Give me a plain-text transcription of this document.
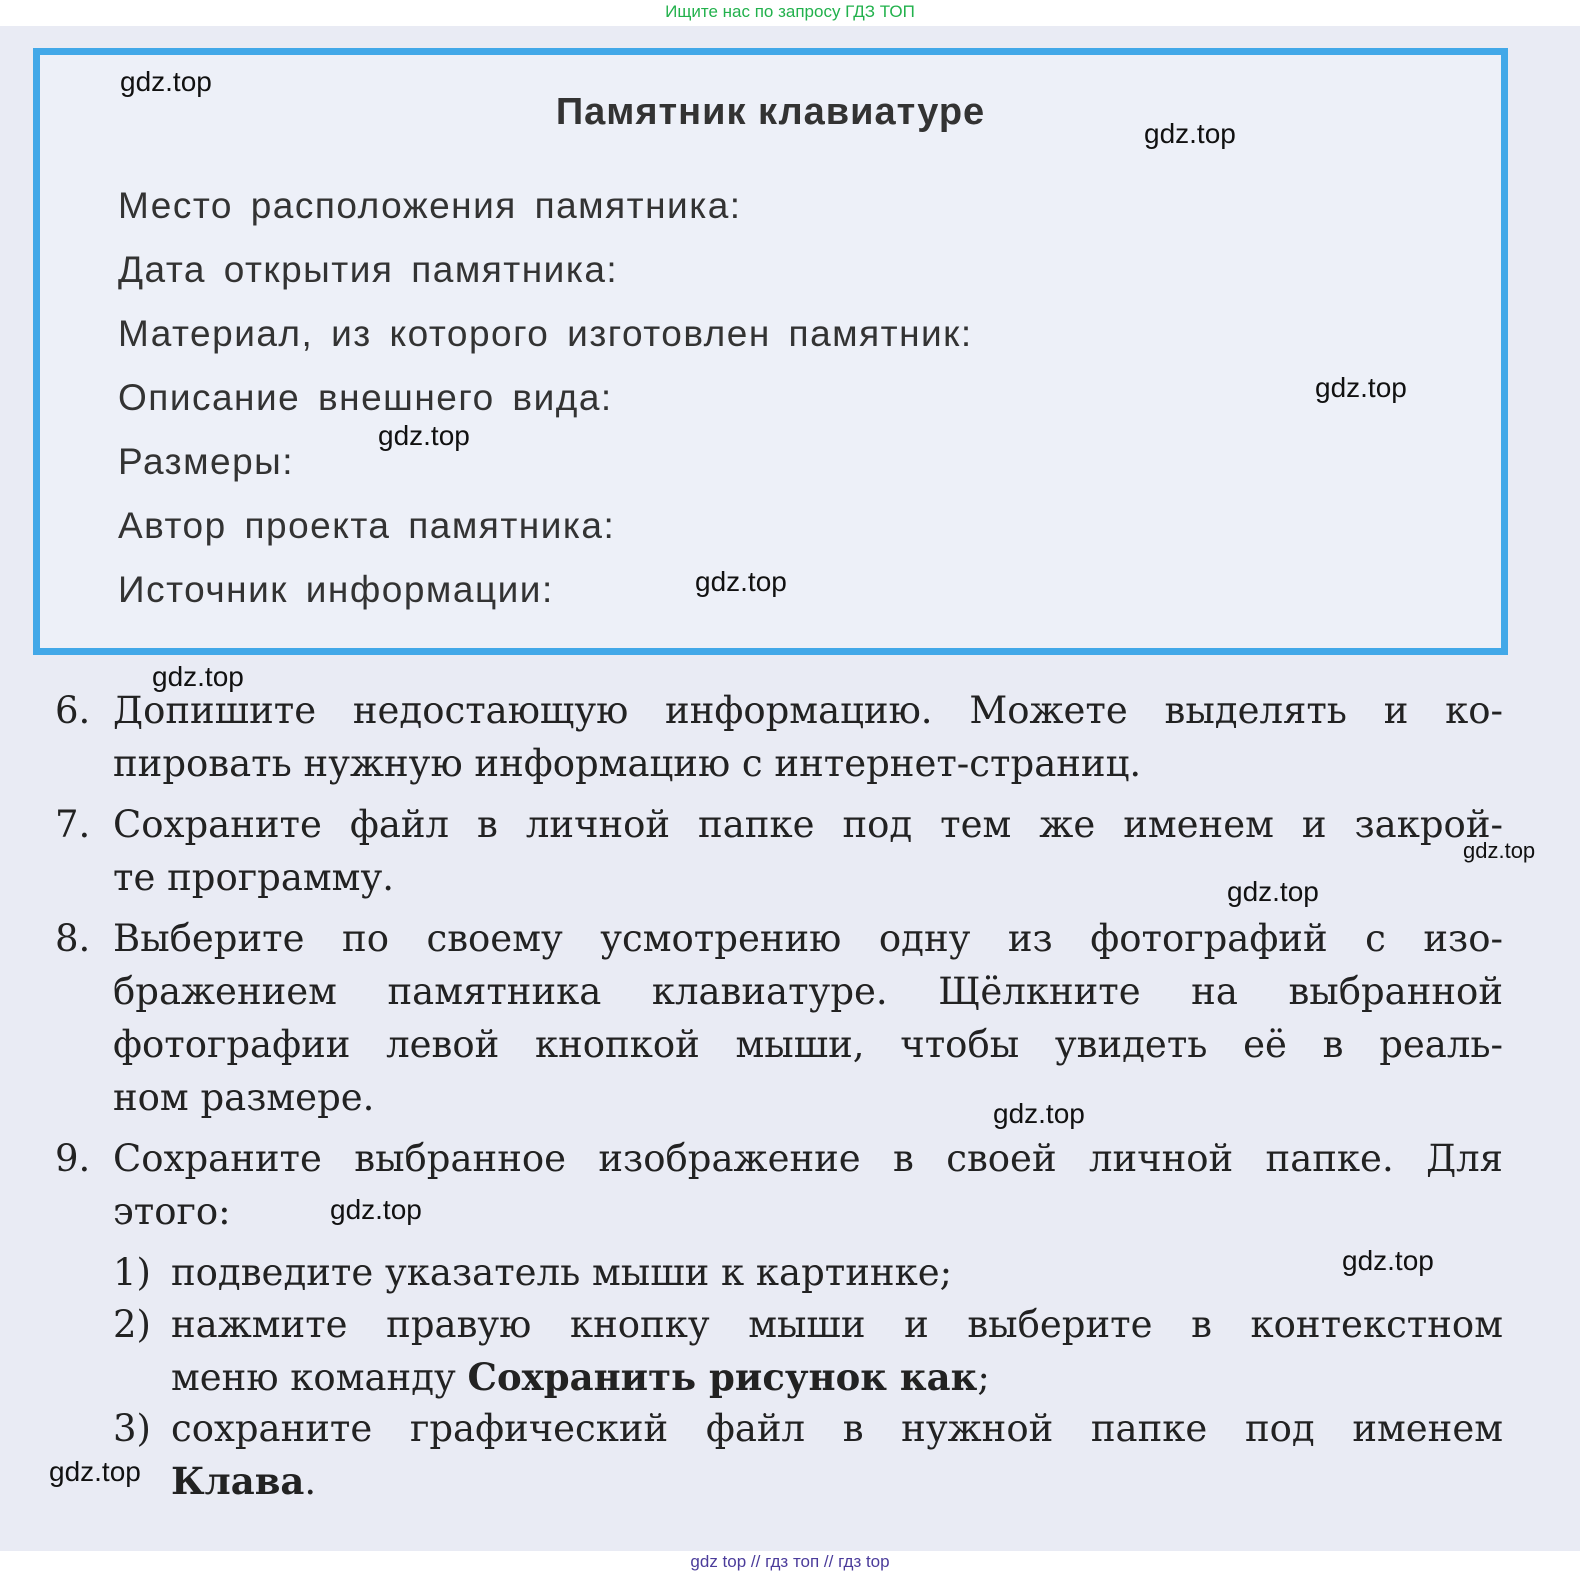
Ищите нас по запросу ГДЗ ТОП
Памятник клавиатуре
Место расположения памятника:
Дата открытия памятника:
Материал, из которого изготовлен памятник:
Описание внешнего вида:
Размеры:
Автор проекта памятника:
Источник информации:
6. Допишите недостающую информацию. Можете выделять и ко-
пировать нужную информацию с интернет-страниц.
7. Сохраните файл в личной папке под тем же именем и закрой-
те программу.
8. Выберите по своему усмотрению одну из фотографий с изо-
бражением памятника клавиатуре. Щёлкните на выбранной
фотографии левой кнопкой мыши, чтобы увидеть её в реаль-
ном размере.
9. Сохраните выбранное изображение в своей личной папке. Для
этого:
1) подведите указатель мыши к картинке;
2) нажмите правую кнопку мыши и выберите в контекстном
меню команду Сохранить рисунок как;
3) сохраните графический файл в нужной папке под именем
Клава.
gdz.top
gdz.top
gdz.top
gdz.top
gdz.top
gdz.top
gdz.top
gdz.top
gdz.top
gdz.top
gdz.top
gdz.top
gdz top // гдз топ // гдз top
